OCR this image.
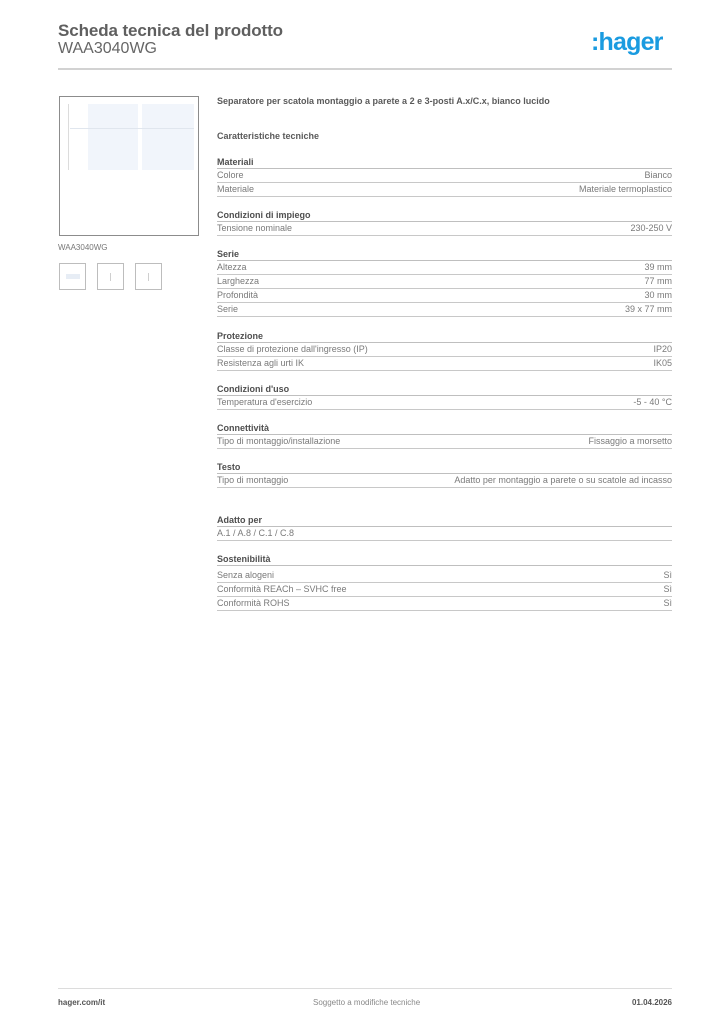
Scheda tecnica del prodotto
WAA3040WG	:hager
WAA3040WG
Separatore per scatola montaggio a parete a 2 e 3-posti A.x/C.x, bianco lucido
Caratteristiche tecniche
Materiali
Colore	Bianco
Materiale	Materiale termoplastico
Condizioni di impiego
Tensione nominale	230-250 V
Serie
Altezza	39 mm
Larghezza	77 mm
Profondità	30 mm
Serie	39 x 77 mm
Protezione
Classe di protezione dall'ingresso (IP)	IP20
Resistenza agli urti IK	IK05
Condizioni d'uso
Temperatura d'esercizio	-5 - 40 °C
Connettività
Tipo di montaggio/installazione	Fissaggio a morsetto
Testo
Tipo di montaggio	Adatto per montaggio a parete o su scatole ad incasso
Adatto per
A.1 / A.8 / C.1 / C.8
Sostenibilità
Senza alogeni	Sì
Conformità REACh – SVHC free	Sì
Conformità ROHS	Sì
hager.com/it	Soggetto a modifiche tecniche	01.04.2026
